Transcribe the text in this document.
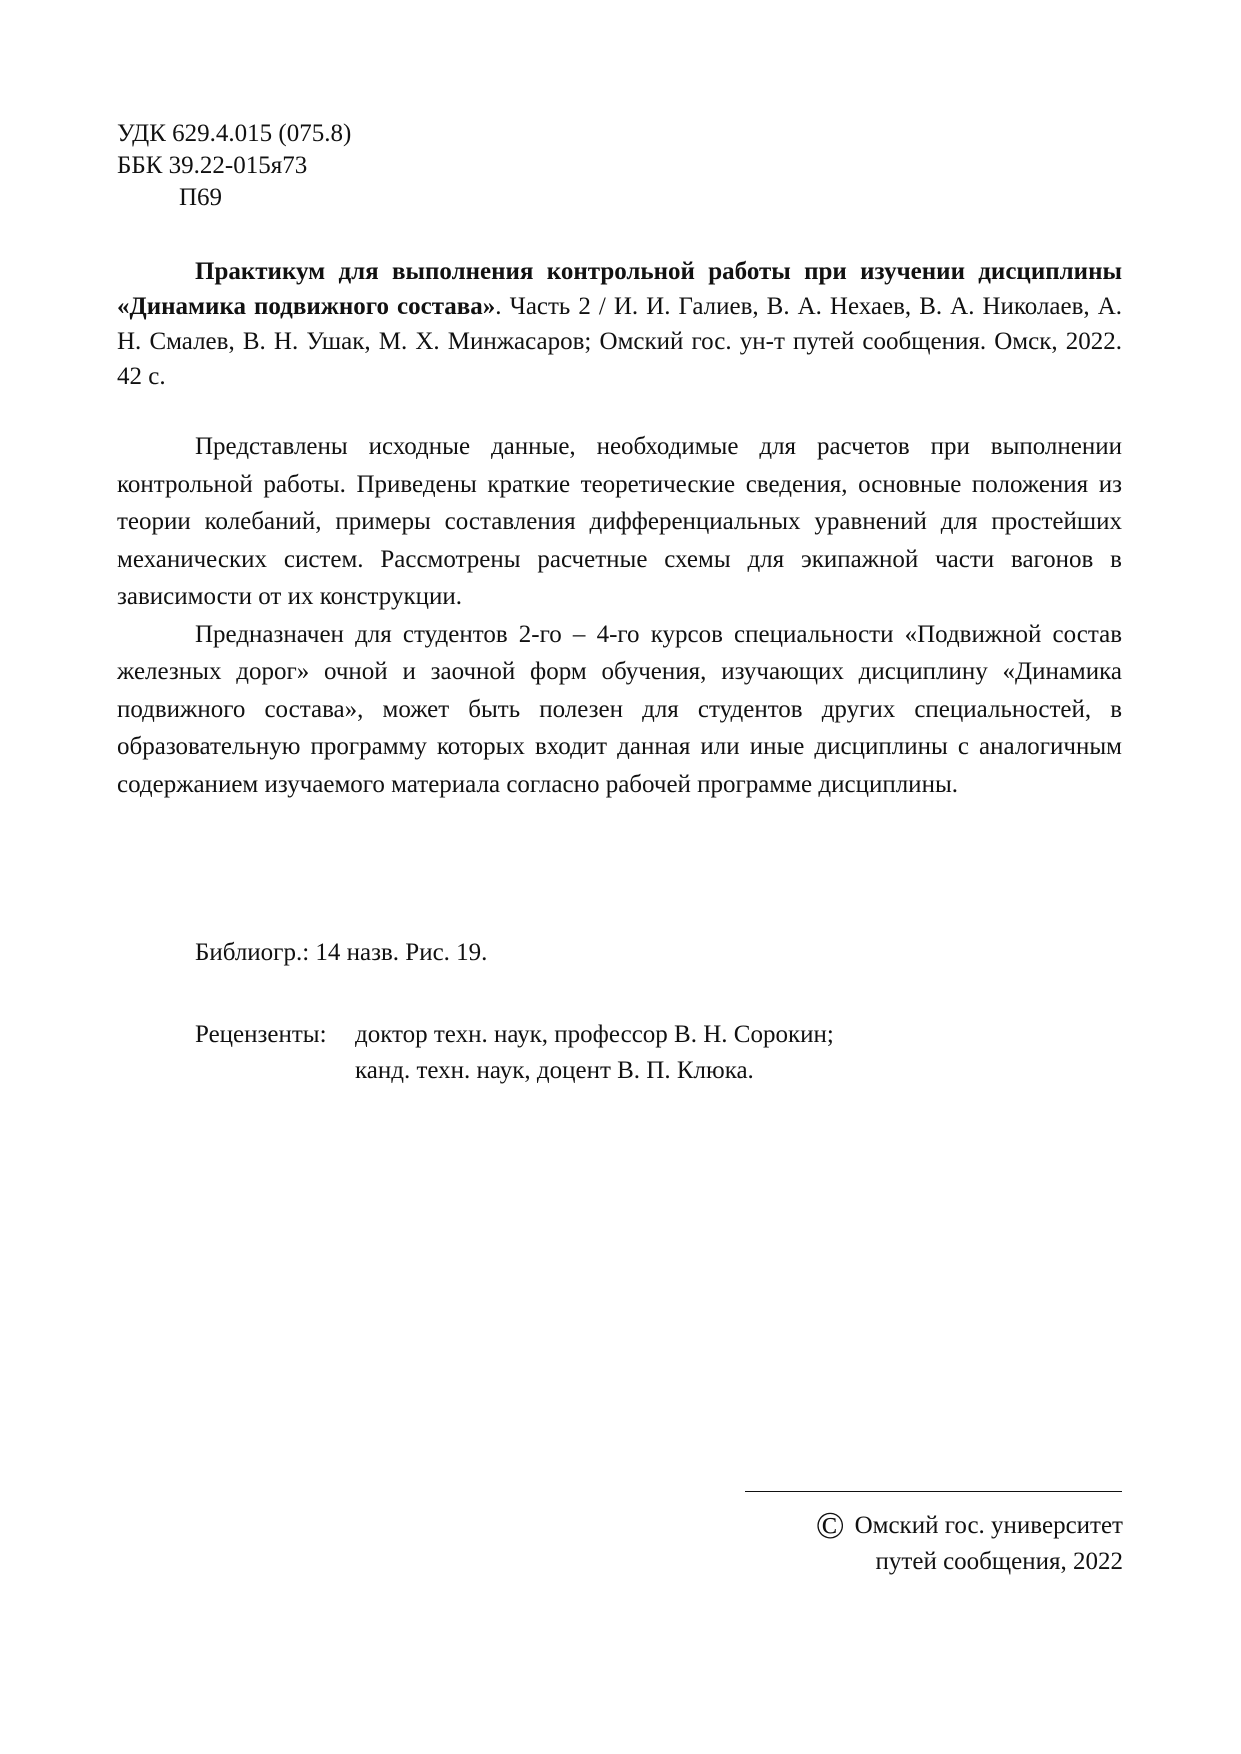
УДК 629.4.015 (075.8)
ББК 39.22-015я73
П69

Практикум для выполнения контрольной работы при изучении дисциплины «Динамика подвижного состава». Часть 2 / И. И. Галиев, В. А. Нехаев, В. А. Николаев, А. Н. Смалев, В. Н. Ушак, М. Х. Минжасаров; Омский гос. ун-т путей сообщения. Омск, 2022. 42 с.

Представлены исходные данные, необходимые для расчетов при выполнении контрольной работы. Приведены краткие теоретические сведения, основные положения из теории колебаний, примеры составления дифференциальных уравнений для простейших механических систем. Рассмотрены расчетные схемы для экипажной части вагонов в зависимости от их конструкции.

Предназначен для студентов 2-го – 4-го курсов специальности «Подвижной состав железных дорог» очной и заочной форм обучения, изучающих дисциплину «Динамика подвижного состава», может быть полезен для студентов других специальностей, в образовательную программу которых входит данная или иные дисциплины с аналогичным содержанием изучаемого материала согласно рабочей программе дисциплины.

Библиогр.: 14 назв. Рис. 19.
Рецензенты:	доктор техн. наук, профессор В. Н. Сорокин;
канд. техн. наук, доцент В. П. Клюка.
© Омский гос. университет
путей сообщения, 2022
